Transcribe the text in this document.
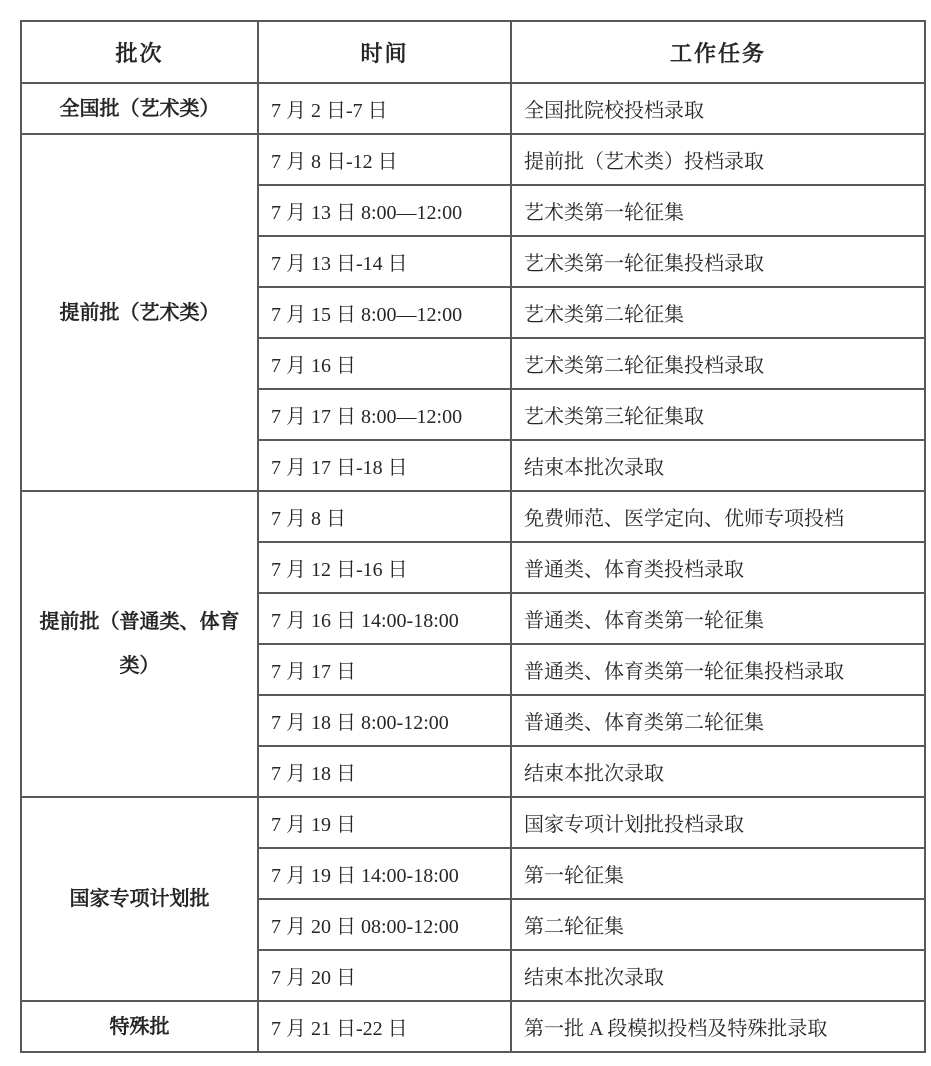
批次	时间	工作任务
全国批（艺术类）	7 月 2 日-7 日	全国批院校投档录取
提前批（艺术类）	7 月 8 日-12 日	提前批（艺术类）投档录取
	7 月 13 日 8:00—12:00	艺术类第一轮征集
	7 月 13 日-14 日	艺术类第一轮征集投档录取
	7 月 15 日 8:00—12:00	艺术类第二轮征集
	7 月 16 日	艺术类第二轮征集投档录取
	7 月 17 日 8:00—12:00	艺术类第三轮征集取
	7 月 17 日-18 日	结束本批次录取
提前批（普通类、体育类）	7 月 8 日	免费师范、医学定向、优师专项投档
	7 月 12 日-16 日	普通类、体育类投档录取
	7 月 16 日 14:00-18:00	普通类、体育类第一轮征集
	7 月 17 日	普通类、体育类第一轮征集投档录取
	7 月 18 日 8:00-12:00	普通类、体育类第二轮征集
	7 月 18 日	结束本批次录取
国家专项计划批	7 月 19 日	国家专项计划批投档录取
	7 月 19 日 14:00-18:00	第一轮征集
	7 月 20 日 08:00-12:00	第二轮征集
	7 月 20 日	结束本批次录取
特殊批	7 月 21 日-22 日	第一批 A 段模拟投档及特殊批录取
